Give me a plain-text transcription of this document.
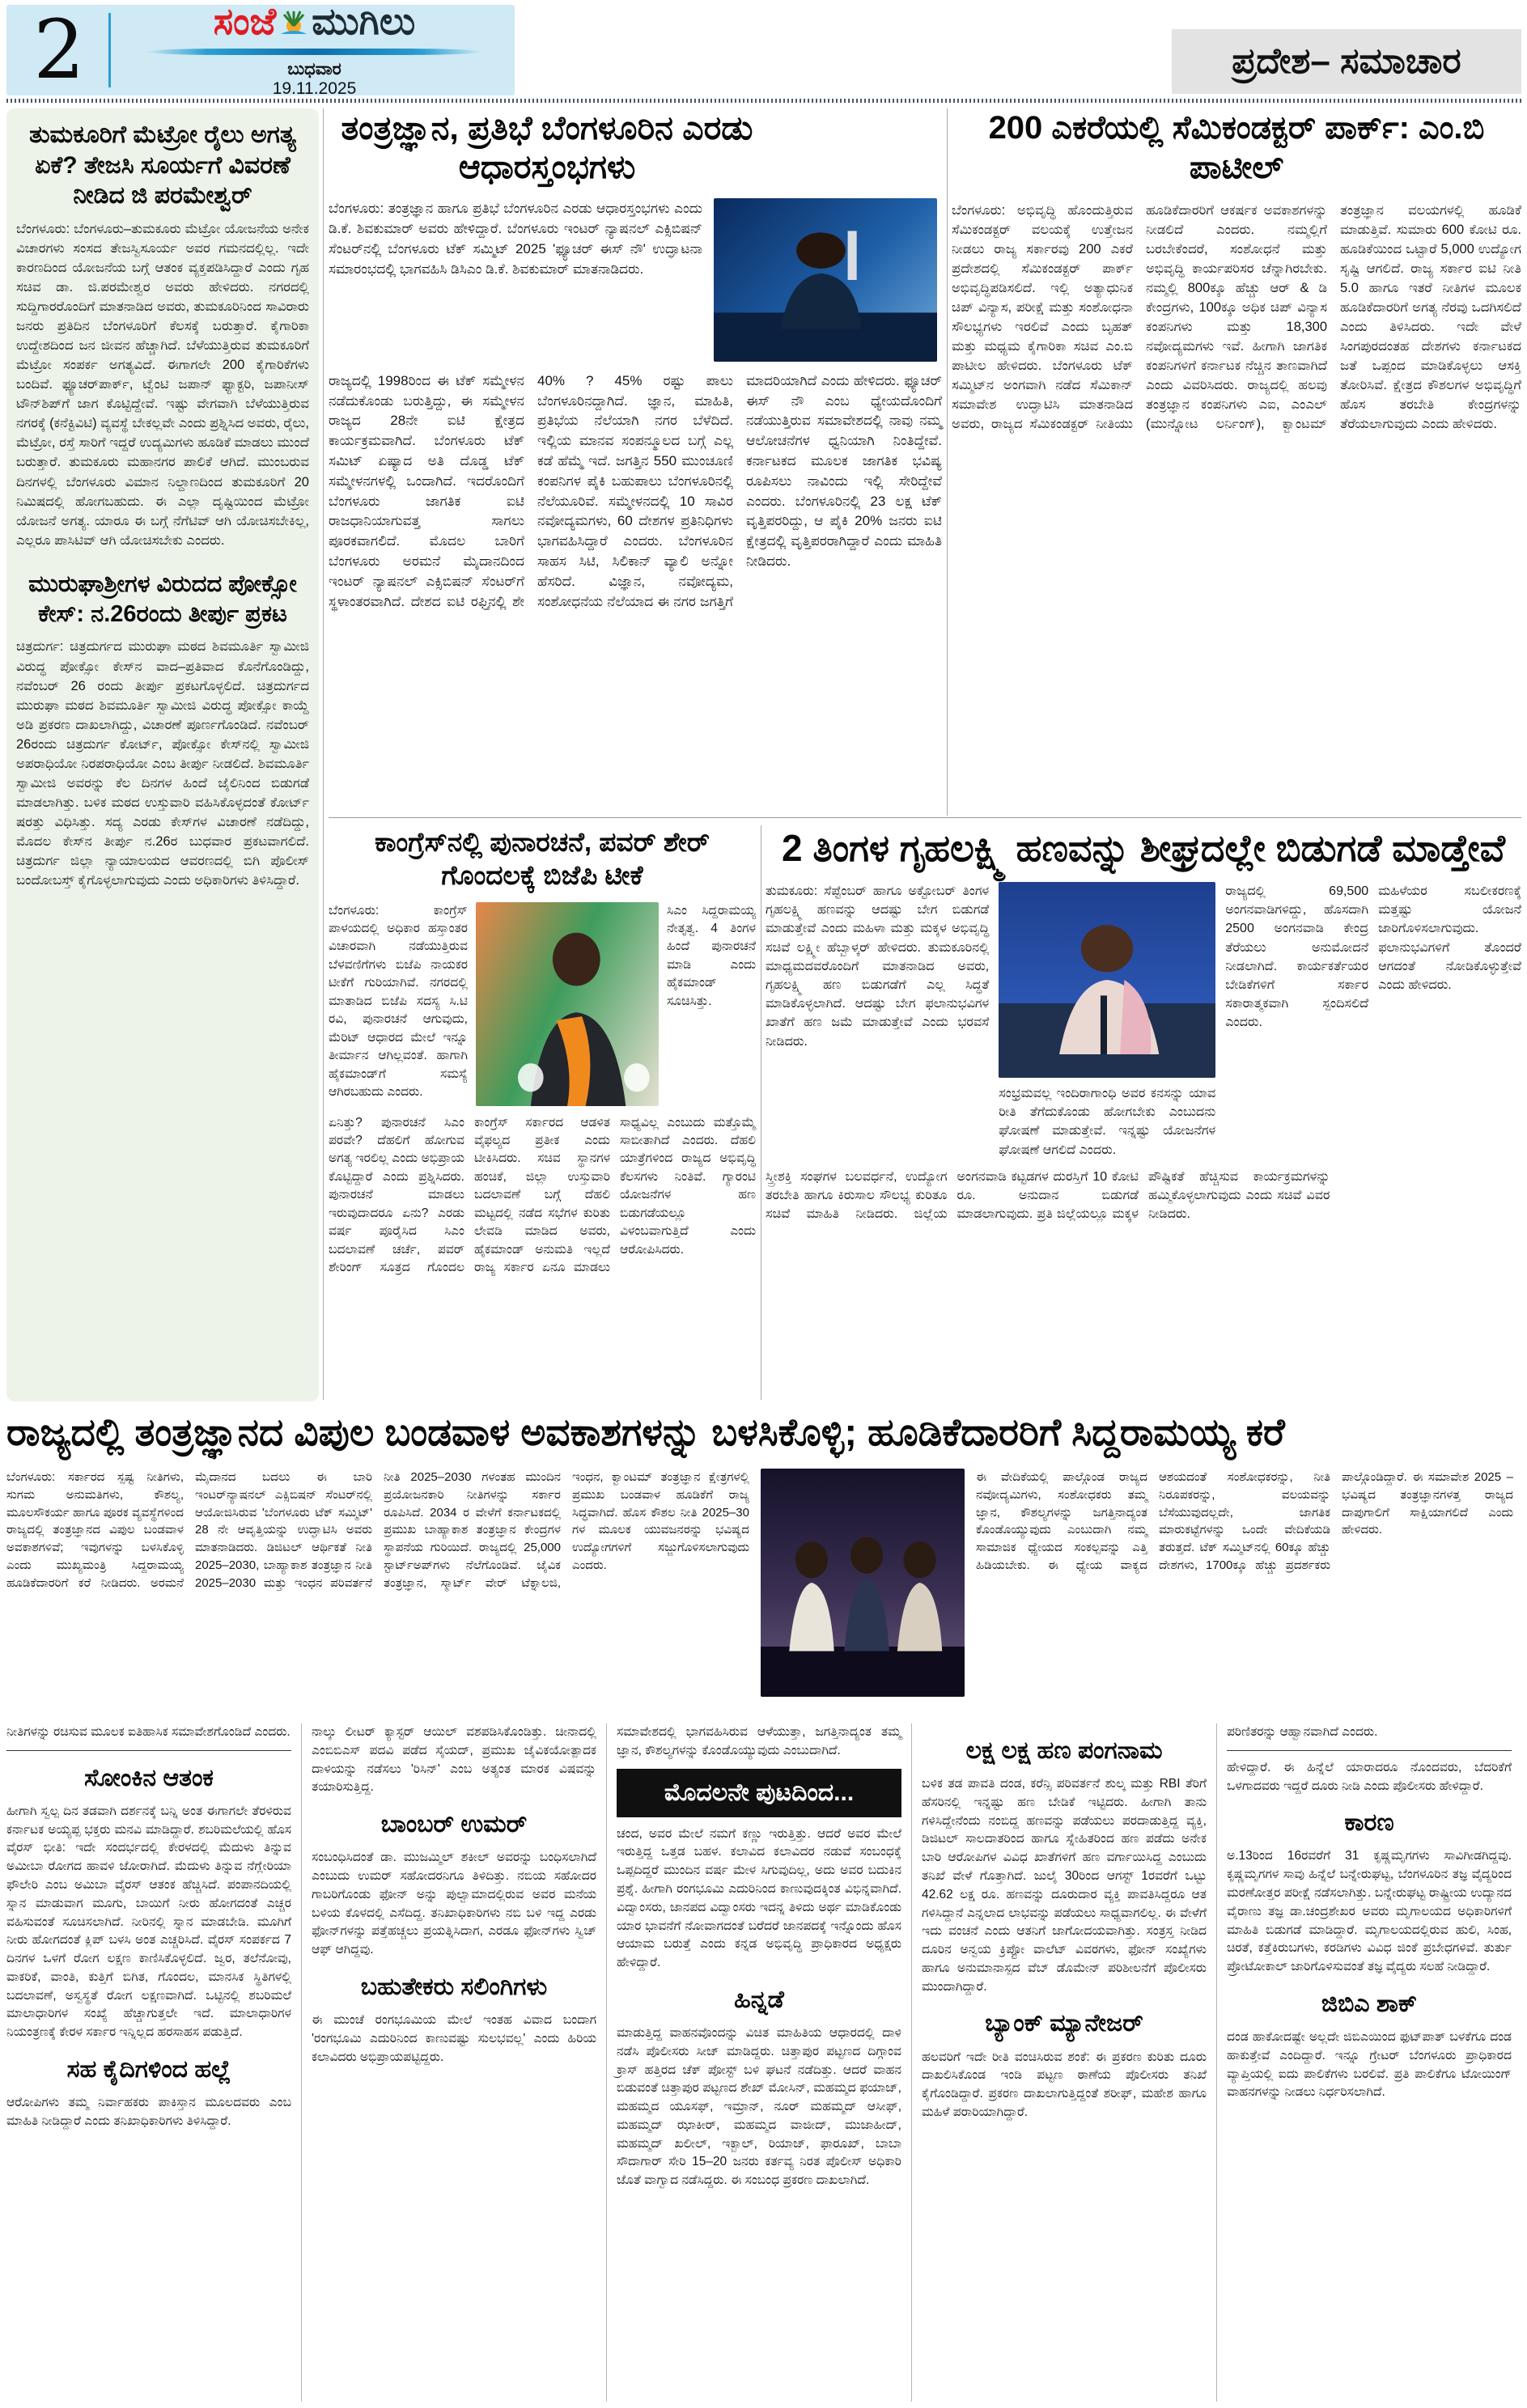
2	ಸಂಜೆ ಮುಗಿಲು
ಬುಧವಾರ
19.11.2025
ಪ್ರದೇಶ– ಸಮಾಚಾರ
ತುಮಕೂರಿಗೆ ಮೆಟ್ರೋ ರೈಲು ಅಗತ್ಯ ಏಕೆ? ತೇಜಸಿ ಸೂರ್ಯಗೆ ವಿವರಣೆ ನೀಡಿದ ಜಿ ಪರಮೇಶ್ವರ್
ಬೆಂಗಳೂರು: ಬೆಂಗಳೂರು–ತುಮಕೂರು ಮೆಟ್ರೋ ಯೋಜನೆಯ ಅನೇಕ ವಿಚಾರಗಳು ಸಂಸದ ತೇಜಸ್ವಿಸೂರ್ಯ ಅವರ ಗಮನದಲ್ಲಿಲ್ಲ. ಇದೇ ಕಾರಣದಿಂದ ಯೋಜನೆಯ ಬಗ್ಗೆ ಆತಂಕ ವ್ಯಕ್ತಪಡಿಸಿದ್ದಾರೆ ಎಂದು ಗೃಹ ಸಚಿವ ಡಾ. ಜಿ.ಪರಮೇಶ್ವರ ಅವರು ಹೇಳಿದರು. ನಗರದಲ್ಲಿ ಸುದ್ದಿಗಾರರೊಂದಿಗೆ ಮಾತನಾಡಿದ ಅವರು, ತುಮಕೂರಿನಿಂದ ಸಾವಿರಾರು ಜನರು ಪ್ರತಿದಿನ ಬೆಂಗಳೂರಿಗೆ ಕೆಲಸಕ್ಕೆ ಬರುತ್ತಾರೆ. ಕೈಗಾರಿಕಾ ಉದ್ದೇಶದಿಂದ ಜನ ಜೀವನ ಹೆಚ್ಚಾಗಿದೆ. ಬೆಳೆಯುತ್ತಿರುವ ತುಮಕೂರಿಗೆ ಮೆಟ್ರೋ ಸಂಪರ್ಕ ಅಗತ್ಯವಿದೆ. ಈಗಾಗಲೇ 200 ಕೈಗಾರಿಕೆಗಳು ಬಂದಿವೆ. ಫ್ಯೂಚರ್‌ಪಾರ್ಕ್, ಟ್ವೆಂಟಿ ಜಪಾನ್ ಫ್ಯಾಕ್ಟರಿ, ಜಪಾನೀಸ್ ಟೌನ್‌ಶಿಪ್‌ಗೆ ಜಾಗ ಕೊಟ್ಟಿದ್ದೇವೆ. ಇಷ್ಟು ವೇಗವಾಗಿ ಬೆಳೆಯುತ್ತಿರುವ ನಗರಕ್ಕೆ (ಕನೆಕ್ಟಿವಿಟಿ) ವ್ಯವಸ್ಥೆ ಬೇಕಲ್ಲವೇ ಎಂದು ಪ್ರಶ್ನಿಸಿದ ಅವರು, ರೈಲು, ಮೆಟ್ರೋ, ರಸ್ತೆ ಸಾರಿಗೆ ಇದ್ದರೆ ಉದ್ಯಮಿಗಳು ಹೂಡಿಕೆ ಮಾಡಲು ಮುಂದೆ ಬರುತ್ತಾರೆ. ತುಮಕೂರು ಮಹಾನಗರ ಪಾಲಿಕೆ ಆಗಿದೆ. ಮುಂಬರುವ ದಿನಗಳಲ್ಲಿ ಬೆಂಗಳೂರು ವಿಮಾನ ನಿಲ್ದಾಣದಿಂದ ತುಮಕೂರಿಗೆ 20 ನಿಮಿಷದಲ್ಲಿ ಹೋಗಬಹುದು. ಈ ಎಲ್ಲಾ ದೃಷ್ಟಿಯಿಂದ ಮೆಟ್ರೋ ಯೋಜನೆ ಅಗತ್ಯ. ಯಾರೂ ಈ ಬಗ್ಗೆ ನೆಗೆಟಿವ್ ಆಗಿ ಯೋಚಿಸಬೇಕಿಲ್ಲ, ಎಲ್ಲರೂ ಪಾಸಿಟಿವ್ ಆಗಿ ಯೋಚಿಸಬೇಕು ಎಂದರು.
ಮುರುಘಾಶ್ರೀಗಳ ವಿರುದದ ಪೋಕ್ಸೋ ಕೇಸ್: ನ.26ರಂದು ತೀರ್ಪು ಪ್ರಕಟ
ಚಿತ್ರದುರ್ಗ: ಚಿತ್ರದುರ್ಗದ ಮುರುಘಾ ಮಠದ ಶಿವಮೂರ್ತಿ ಸ್ವಾಮೀಜಿ ವಿರುದ್ಧ ಪೋಕ್ಸೋ ಕೇಸ್‌ನ ವಾದ–ಪ್ರತಿವಾದ ಕೊನೆಗೊಂಡಿದ್ದು, ನವೆಂಬರ್ 26 ರಂದು ತೀರ್ಪು ಪ್ರಕಟಗೊಳ್ಳಲಿದೆ. ಚಿತ್ರದುರ್ಗದ ಮುರುಘಾ ಮಠದ ಶಿವಮೂರ್ತಿ ಸ್ವಾಮೀಜಿ ವಿರುದ್ಧ ಪೋಕ್ಸೋ ಕಾಯ್ದೆ ಅಡಿ ಪ್ರಕರಣ ದಾಖಲಾಗಿದ್ದು, ವಿಚಾರಣೆ ಪೂರ್ಣಗೊಂಡಿದೆ. ನವೆಂಬರ್ 26ರಂದು ಚಿತ್ರದುರ್ಗ ಕೋರ್ಟ್, ಪೋಕ್ಸೋ ಕೇಸ್‌ನಲ್ಲಿ ಸ್ವಾಮೀಜಿ ಅಪರಾಧಿಯೋ ನಿರಪರಾಧಿಯೋ ಎಂಬ ತೀರ್ಪು ನೀಡಲಿದೆ. ಶಿವಮೂರ್ತಿ ಸ್ವಾಮೀಜಿ ಅವರನ್ನು ಕೆಲ ದಿನಗಳ ಹಿಂದೆ ಜೈಲಿನಿಂದ ಬಿಡುಗಡೆ ಮಾಡಲಾಗಿತ್ತು. ಬಳಿಕ ಮಠದ ಉಸ್ತುವಾರಿ ವಹಿಸಿಕೊಳ್ಳದಂತೆ ಕೋರ್ಟ್ ಷರತ್ತು ವಿಧಿಸಿತ್ತು. ಸದ್ಯ ಎರಡು ಕೇಸ್‌ಗಳ ವಿಚಾರಣೆ ನಡೆದಿದ್ದು, ಮೊದಲ ಕೇಸ್‌ನ ತೀರ್ಪು ನ.26ರ ಬುಧವಾರ ಪ್ರಕಟವಾಗಲಿದೆ. ಚಿತ್ರದುರ್ಗ ಜಿಲ್ಲಾ ನ್ಯಾಯಾಲಯದ ಆವರಣದಲ್ಲಿ ಬಿಗಿ ಪೊಲೀಸ್ ಬಂದೋಬಸ್ತ್ ಕೈಗೊಳ್ಳಲಾಗುವುದು ಎಂದು ಅಧಿಕಾರಿಗಳು ತಿಳಿಸಿದ್ದಾರೆ.
ತಂತ್ರಜ್ಞಾನ, ಪ್ರತಿಭೆ ಬೆಂಗಳೂರಿನ ಎರಡು ಆಧಾರಸ್ತಂಭಗಳು
ಬೆಂಗಳೂರು: ತಂತ್ರಜ್ಞಾನ ಹಾಗೂ ಪ್ರತಿಭೆ ಬೆಂಗಳೂರಿನ ಎರಡು ಆಧಾರಸ್ತಂಭಗಳು ಎಂದು ಡಿ.ಕೆ. ಶಿವಕುಮಾರ್ ಅವರು ಹೇಳಿದ್ದಾರೆ. ಬೆಂಗಳೂರು ಇಂಟರ್ ನ್ಯಾಷನಲ್ ಎಕ್ಸಿಬಿಷನ್ ಸೆಂಟರ್‌ನಲ್ಲಿ ಬೆಂಗಳೂರು ಟೆಕ್ ಸಮ್ಮಿಟ್ 2025 'ಫ್ಯೂಚರ್ ಈಸ್ ನೌ' ಉದ್ಘಾಟನಾ ಸಮಾರಂಭದಲ್ಲಿ ಭಾಗವಹಿಸಿ ಡಿಸಿಎಂ ಡಿ.ಕೆ. ಶಿವಕುಮಾರ್ ಮಾತನಾಡಿದರು.
ರಾಜ್ಯದಲ್ಲಿ 1998ರಿಂದ ಈ ಟೆಕ್ ಸಮ್ಮೇಳನ ನಡೆದುಕೊಂಡು ಬರುತ್ತಿದ್ದು, ಈ ಸಮ್ಮೇಳನ ರಾಜ್ಯದ 28ನೇ ಐಟಿ ಕ್ಷೇತ್ರದ ಕಾರ್ಯಕ್ರಮವಾಗಿದೆ. ಬೆಂಗಳೂರು ಟೆಕ್ ಸಮಿಟ್ ಏಷ್ಯಾದ ಅತಿ ದೊಡ್ಡ ಟೆಕ್ ಸಮ್ಮೇಳನಗಳಲ್ಲಿ ಒಂದಾಗಿದೆ. ಇದರೊಂದಿಗೆ ಬೆಂಗಳೂರು ಜಾಗತಿಕ ಐಟಿ ರಾಜಧಾನಿಯಾಗುವತ್ತ ಸಾಗಲು ಪೂರಕವಾಗಲಿದೆ. ಮೊದಲ ಬಾರಿಗೆ ಬೆಂಗಳೂರು ಅರಮನೆ ಮೈದಾನದಿಂದ ಇಂಟರ್ ನ್ಯಾಷನಲ್ ಎಕ್ಸಿಬಿಷನ್ ಸೆಂಟರ್‌ಗೆ ಸ್ಥಳಾಂತರವಾಗಿದೆ. ದೇಶದ ಐಟಿ ರಫ್ತಿನಲ್ಲಿ ಶೇ 40% ? 45% ರಷ್ಟು ಪಾಲು ಬೆಂಗಳೂರಿನದ್ದಾಗಿದೆ. ಜ್ಞಾನ, ಮಾಹಿತಿ, ಪ್ರತಿಭೆಯ ನೆಲೆಯಾಗಿ ನಗರ ಬೆಳೆದಿದೆ. ಇಲ್ಲಿಯ ಮಾನವ ಸಂಪನ್ಮೂಲದ ಬಗ್ಗೆ ಎಲ್ಲ ಕಡೆ ಹೆಮ್ಮೆ ಇದೆ. ಜಗತ್ತಿನ 550 ಮುಂಚೂಣಿ ಕಂಪನಿಗಳ ಪೈಕಿ ಬಹುಪಾಲು ಬೆಂಗಳೂರಿನಲ್ಲಿ ನೆಲೆಯೂರಿವೆ. ಸಮ್ಮೇಳನದಲ್ಲಿ 10 ಸಾವಿರ ನವೋದ್ಯಮಗಳು, 60 ದೇಶಗಳ ಪ್ರತಿನಿಧಿಗಳು ಭಾಗವಹಿಸಿದ್ದಾರೆ ಎಂದರು. ಬೆಂಗಳೂರಿನ ಸಾಹಸ ಸಿಟಿ, ಸಿಲಿಕಾನ್ ವ್ಯಾಲಿ ಅನ್ನೋ ಹೆಸರಿದೆ. ವಿಜ್ಞಾನ, ನವೋದ್ಯಮ, ಸಂಶೋಧನೆಯ ನೆಲೆಯಾದ ಈ ನಗರ ಜಗತ್ತಿಗೆ ಮಾದರಿಯಾಗಿದೆ ಎಂದು ಹೇಳಿದರು. ಫ್ಯೂಚರ್ ಈಸ್ ನೌ ಎಂಬ ಧ್ಯೇಯದೊಂದಿಗೆ ನಡೆಯುತ್ತಿರುವ ಸಮಾವೇಶದಲ್ಲಿ ನಾವು ನಮ್ಮ ಆಲೋಚನೆಗಳ ಧ್ವನಿಯಾಗಿ ನಿಂತಿದ್ದೇವೆ. ಕರ್ನಾಟಕದ ಮೂಲಕ ಜಾಗತಿಕ ಭವಿಷ್ಯ ರೂಪಿಸಲು ನಾವಿಂದು ಇಲ್ಲಿ ಸೇರಿದ್ದೇವೆ ಎಂದರು. ಬೆಂಗಳೂರಿನಲ್ಲಿ 23 ಲಕ್ಷ ಟೆಕ್ ವೃತ್ತಿಪರರಿದ್ದು, ಆ ಪೈಕಿ 20% ಜನರು ಐಟಿ ಕ್ಷೇತ್ರದಲ್ಲಿ ವೃತ್ತಿಪರರಾಗಿದ್ದಾರೆ ಎಂದು ಮಾಹಿತಿ ನೀಡಿದರು.
200 ಎಕರೆಯಲ್ಲಿ ಸೆಮಿಕಂಡಕ್ಟರ್ ಪಾರ್ಕ್: ಎಂ.ಬಿ ಪಾಟೀಲ್
ಬೆಂಗಳೂರು: ಅಭಿವೃದ್ಧಿ ಹೊಂದುತ್ತಿರುವ ಸೆಮಿಕಂಡಕ್ಟರ್ ವಲಯಕ್ಕೆ ಉತ್ತೇಜನ ನೀಡಲು ರಾಜ್ಯ ಸರ್ಕಾರವು 200 ಎಕರೆ ಪ್ರದೇಶದಲ್ಲಿ ಸೆಮಿಕಂಡಕ್ಟರ್ ಪಾರ್ಕ್ ಅಭಿವೃದ್ಧಿಪಡಿಸಲಿದೆ. ಇಲ್ಲಿ ಅತ್ಯಾಧುನಿಕ ಚಿಪ್ ವಿನ್ಯಾಸ, ಪರೀಕ್ಷೆ ಮತ್ತು ಸಂಶೋಧನಾ ಸೌಲಭ್ಯಗಳು ಇರಲಿವೆ ಎಂದು ಬೃಹತ್ ಮತ್ತು ಮಧ್ಯಮ ಕೈಗಾರಿಕಾ ಸಚಿವ ಎಂ.ಬಿ ಪಾಟೀಲ ಹೇಳಿದರು. ಬೆಂಗಳೂರು ಟೆಕ್ ಸಮ್ಮಿಟ್‌ನ ಅಂಗವಾಗಿ ನಡೆದ ಸೆಮಿಕಾನ್ ಸಮಾವೇಶ ಉದ್ಘಾಟಿಸಿ ಮಾತನಾಡಿದ ಅವರು, ರಾಜ್ಯದ ಸೆಮಿಕಂಡಕ್ಟರ್ ನೀತಿಯು ಹೂಡಿಕೆದಾರರಿಗೆ ಆಕರ್ಷಕ ಅವಕಾಶಗಳನ್ನು ನೀಡಲಿದೆ ಎಂದರು. ನಮ್ಮಲ್ಲಿಗೆ ಬರಬೇಕೆಂದರೆ, ಸಂಶೋಧನೆ ಮತ್ತು ಅಭಿವೃದ್ಧಿ ಕಾರ್ಯಪರಿಸರ ಚೆನ್ನಾಗಿರಬೇಕು. ನಮ್ಮಲ್ಲಿ 800ಕ್ಕೂ ಹೆಚ್ಚು ಆರ್ & ಡಿ ಕೇಂದ್ರಗಳು, 100ಕ್ಕೂ ಅಧಿಕ ಚಿಪ್ ವಿನ್ಯಾಸ ಕಂಪನಿಗಳು ಮತ್ತು 18,300 ನವೋದ್ಯಮಗಳು ಇವೆ. ಹೀಗಾಗಿ ಜಾಗತಿಕ ಕಂಪನಿಗಳಿಗೆ ಕರ್ನಾಟಕ ನೆಚ್ಚಿನ ತಾಣವಾಗಿದೆ ಎಂದು ವಿವರಿಸಿದರು. ರಾಜ್ಯದಲ್ಲಿ ಹಲವು ತಂತ್ರಜ್ಞಾನ ಕಂಪನಿಗಳು ಎಐ, ಎಂಎಲ್ (ಮುನ್ನೋಟ ಲರ್ನಿಂಗ್), ಕ್ವಾಂಟಮ್ ತಂತ್ರಜ್ಞಾನ ವಲಯಗಳಲ್ಲಿ ಹೂಡಿಕೆ ಮಾಡುತ್ತಿವೆ. ಸುಮಾರು 600 ಕೋಟಿ ರೂ. ಹೂಡಿಕೆಯಿಂದ ಒಟ್ಟಾರೆ 5,000 ಉದ್ಯೋಗ ಸೃಷ್ಟಿ ಆಗಲಿದೆ. ರಾಜ್ಯ ಸರ್ಕಾರ ಐಟಿ ನೀತಿ 5.0 ಹಾಗೂ ಇತರೆ ನೀತಿಗಳ ಮೂಲಕ ಹೂಡಿಕೆದಾರರಿಗೆ ಅಗತ್ಯ ನೆರವು ಒದಗಿಸಲಿದೆ ಎಂದು ತಿಳಿಸಿದರು. ಇದೇ ವೇಳೆ ಸಿಂಗಪುರದಂತಹ ದೇಶಗಳು ಕರ್ನಾಟಕದ ಜತೆ ಒಪ್ಪಂದ ಮಾಡಿಕೊಳ್ಳಲು ಆಸಕ್ತಿ ತೋರಿಸಿವೆ. ಕ್ಷೇತ್ರದ ಕೌಶಲಗಳ ಅಭಿವೃದ್ಧಿಗೆ ಹೊಸ ತರಬೇತಿ ಕೇಂದ್ರಗಳನ್ನು ತೆರೆಯಲಾಗುವುದು ಎಂದು ಹೇಳಿದರು.
ಕಾಂಗ್ರೆಸ್‌ನಲ್ಲಿ ಪುನಾರಚನೆ, ಪವರ್ ಶೇರ್ ಗೊಂದಲಕ್ಕೆ ಬಿಜೆಪಿ ಟೀಕೆ
ಬೆಂಗಳೂರು: ಕಾಂಗ್ರೆಸ್ ಪಾಳಯದಲ್ಲಿ ಅಧಿಕಾರ ಹಸ್ತಾಂತರ ವಿಚಾರವಾಗಿ ನಡೆಯುತ್ತಿರುವ ಬೆಳವಣಿಗೆಗಳು ಬಿಜೆಪಿ ನಾಯಕರ ಟೀಕೆಗೆ ಗುರಿಯಾಗಿವೆ. ನಗರದಲ್ಲಿ ಮಾತಾಡಿದ ಬಿಜೆಪಿ ಸದಸ್ಯ ಸಿ.ಟಿ ರವಿ, ಪುನಾರಚನೆ ಆಗುವುದು, ಮೆರಿಟ್ ಆಧಾರದ ಮೇಲೆ ಇನ್ನೂ ತೀರ್ಮಾನ ಆಗಿಲ್ಲವಂತೆ. ಹಾಗಾಗಿ ಹೈಕಮಾಂಡ್‌ಗೆ ಸಮಸ್ಯೆ ಆಗಿರಬಹುದು ಎಂದರು.
ಸಿಎಂ ಸಿದ್ದರಾಮಯ್ಯ ನೇತೃತ್ವ. 4 ತಿಂಗಳ ಹಿಂದೆ ಪುನಾರಚನೆ ಮಾಡಿ ಎಂದು ಹೈಕಮಾಂಡ್ ಸೂಚಿಸಿತ್ತು.
ಏನಿತ್ತು? ಪುನಾರಚನೆ ಸಿಎಂ ಪರವೇ? ದೆಹಲಿಗೆ ಹೋಗುವ ಅಗತ್ಯ ಇರಲಿಲ್ಲ ಎಂದು ಅಭಿಪ್ರಾಯ ಕೊಟ್ಟಿದ್ದಾರೆ ಎಂದು ಪ್ರಶ್ನಿಸಿದರು. ಪುನಾರಚನೆ ಮಾಡಲು ಇರುವುದಾದರೂ ಏನು? ಎರಡು ವರ್ಷ ಪೂರೈಸಿದ ಸಿಎಂ ಬದಲಾವಣೆ ಚರ್ಚೆ, ಪವರ್ ಶೇರಿಂಗ್ ಸೂತ್ರದ ಗೊಂದಲ ಕಾಂಗ್ರೆಸ್ ಸರ್ಕಾರದ ಆಡಳಿತ ವೈಫಲ್ಯದ ಪ್ರತೀಕ ಎಂದು ಟೀಕಿಸಿದರು. ಸಚಿವ ಸ್ಥಾನಗಳ ಹಂಚಿಕೆ, ಜಿಲ್ಲಾ ಉಸ್ತುವಾರಿ ಬದಲಾವಣೆ ಬಗ್ಗೆ ದೆಹಲಿ ಮಟ್ಟದಲ್ಲಿ ನಡೆದ ಸಭೆಗಳ ಕುರಿತು ಲೇವಡಿ ಮಾಡಿದ ಅವರು, ಹೈಕಮಾಂಡ್ ಅನುಮತಿ ಇಲ್ಲದೆ ರಾಜ್ಯ ಸರ್ಕಾರ ಏನೂ ಮಾಡಲು ಸಾಧ್ಯವಿಲ್ಲ ಎಂಬುದು ಮತ್ತೊಮ್ಮೆ ಸಾಬೀತಾಗಿದೆ ಎಂದರು. ದೆಹಲಿ ಯಾತ್ರೆಗಳಿಂದ ರಾಜ್ಯದ ಅಭಿವೃದ್ಧಿ ಕೆಲಸಗಳು ನಿಂತಿವೆ. ಗ್ಯಾರಂಟಿ ಯೋಜನೆಗಳ ಹಣ ಬಿಡುಗಡೆಯಲ್ಲೂ ವಿಳಂಬವಾಗುತ್ತಿದೆ ಎಂದು ಆರೋಪಿಸಿದರು.
2 ತಿಂಗಳ ಗೃಹಲಕ್ಷ್ಮಿ ಹಣವನ್ನು ಶೀಘ್ರದಲ್ಲೇ ಬಿಡುಗಡೆ ಮಾಡ್ತೇವೆ
ತುಮಕೂರು: ಸೆಪ್ಟೆಂಬರ್ ಹಾಗೂ ಅಕ್ಟೋಬರ್ ತಿಂಗಳ ಗೃಹಲಕ್ಷ್ಮಿ ಹಣವನ್ನು ಆದಷ್ಟು ಬೇಗ ಬಿಡುಗಡೆ ಮಾಡುತ್ತೇವೆ ಎಂದು ಮಹಿಳಾ ಮತ್ತು ಮಕ್ಕಳ ಅಭಿವೃದ್ಧಿ ಸಚಿವೆ ಲಕ್ಷ್ಮೀ ಹೆಬ್ಬಾಳ್ಕರ್ ಹೇಳಿದರು. ತುಮಕೂರಿನಲ್ಲಿ ಮಾಧ್ಯಮದವರೊಂದಿಗೆ ಮಾತನಾಡಿದ ಅವರು, ಗೃಹಲಕ್ಷ್ಮಿ ಹಣ ಬಿಡುಗಡೆಗೆ ಎಲ್ಲ ಸಿದ್ಧತೆ ಮಾಡಿಕೊಳ್ಳಲಾಗಿದೆ. ಆದಷ್ಟು ಬೇಗ ಫಲಾನುಭವಿಗಳ ಖಾತೆಗೆ ಹಣ ಜಮೆ ಮಾಡುತ್ತೇವೆ ಎಂದು ಭರವಸೆ ನೀಡಿದರು.
ಸಂಭ್ರಮವಲ್ಲ ಇಂದಿರಾಗಾಂಧಿ ಅವರ ಕನಸನ್ನು ಯಾವ ರೀತಿ ತೆಗೆದುಕೊಂಡು ಹೋಗಬೇಕು ಎಂಬುದನು ಘೋಷಣೆ ಮಾಡುತ್ತೇವೆ. ಇನ್ನಷ್ಟು ಯೋಜನೆಗಳ ಘೋಷಣೆ ಆಗಲಿದೆ ಎಂದರು.
ರಾಜ್ಯದಲ್ಲಿ 69,500 ಅಂಗನವಾಡಿಗಳಿದ್ದು, ಹೊಸದಾಗಿ 2500 ಅಂಗನವಾಡಿ ಕೇಂದ್ರ ತೆರೆಯಲು ಅನುಮೋದನೆ ನೀಡಲಾಗಿದೆ. ಕಾರ್ಯಕರ್ತೆಯರ ಬೇಡಿಕೆಗಳಿಗೆ ಸರ್ಕಾರ ಸಕಾರಾತ್ಮಕವಾಗಿ ಸ್ಪಂದಿಸಲಿದೆ ಎಂದರು.
ಮಹಿಳೆಯರ ಸಬಲೀಕರಣಕ್ಕೆ ಮತ್ತಷ್ಟು ಯೋಜನೆ ಜಾರಿಗೊಳಿಸಲಾಗುವುದು. ಫಲಾನುಭವಿಗಳಿಗೆ ತೊಂದರೆ ಆಗದಂತೆ ನೋಡಿಕೊಳ್ಳುತ್ತೇವೆ ಎಂದು ಹೇಳಿದರು.
ಸ್ತ್ರೀಶಕ್ತಿ ಸಂಘಗಳ ಬಲವರ್ಧನೆ, ಉದ್ಯೋಗ ತರಬೇತಿ ಹಾಗೂ ಕಿರುಸಾಲ ಸೌಲಭ್ಯ ಕುರಿತೂ ಸಚಿವೆ ಮಾಹಿತಿ ನೀಡಿದರು. ಜಿಲ್ಲೆಯ ಅಂಗನವಾಡಿ ಕಟ್ಟಡಗಳ ದುರಸ್ತಿಗೆ 10 ಕೋಟಿ ರೂ. ಅನುದಾನ ಬಿಡುಗಡೆ ಮಾಡಲಾಗುವುದು. ಪ್ರತಿ ಜಿಲ್ಲೆಯಲ್ಲೂ ಮಕ್ಕಳ ಪೌಷ್ಟಿಕತೆ ಹೆಚ್ಚಿಸುವ ಕಾರ್ಯಕ್ರಮಗಳನ್ನು ಹಮ್ಮಿಕೊಳ್ಳಲಾಗುವುದು ಎಂದು ಸಚಿವೆ ವಿವರ ನೀಡಿದರು.
ರಾಜ್ಯದಲ್ಲಿ ತಂತ್ರಜ್ಞಾನದ ವಿಪುಲ ಬಂಡವಾಳ ಅವಕಾಶಗಳನ್ನು ಬಳಸಿಕೊಳ್ಳಿ; ಹೂಡಿಕೆದಾರರಿಗೆ ಸಿದ್ದರಾಮಯ್ಯ ಕರೆ
ಬೆಂಗಳೂರು: ಸರ್ಕಾರದ ಸ್ಪಷ್ಟ ನೀತಿಗಳು, ಸುಗಮ ಅನುಮತಿಗಳು, ಕೌಶಲ್ಯ, ಮೂಲಸೌಕರ್ಯ ಹಾಗೂ ಪೂರಕ ವ್ಯವಸ್ಥೆಗಳಿಂದ ರಾಜ್ಯದಲ್ಲಿ ತಂತ್ರಜ್ಞಾನದ ವಿಪುಲ ಬಂಡವಾಳ ಅವಕಾಶಗಳಿವೆ; ಇವುಗಳನ್ನು ಬಳಸಿಕೊಳ್ಳಿ ಎಂದು ಮುಖ್ಯಮಂತ್ರಿ ಸಿದ್ದರಾಮಯ್ಯ ಹೂಡಿಕೆದಾರರಿಗೆ ಕರೆ ನೀಡಿದರು. ಅರಮನೆ ಮೈದಾನದ ಬದಲು ಈ ಬಾರಿ ಇಂಟರ್‌ನ್ಯಾಷನಲ್ ಎಕ್ಸಿಬಿಷನ್ ಸೆಂಟರ್‌ನಲ್ಲಿ ಆಯೋಜಿಸಿರುವ 'ಬೆಂಗಳೂರು ಟೆಕ್ ಸಮ್ಮಿಟ್' 28 ನೇ ಆವೃತ್ತಿಯನ್ನು ಉದ್ಘಾಟಿಸಿ ಅವರು ಮಾತನಾಡಿದರು. ಡಿಜಿಟಲ್ ಆರ್ಥಿಕತೆ ನೀತಿ 2025–2030, ಬಾಹ್ಯಾಕಾಶ ತಂತ್ರಜ್ಞಾನ ನೀತಿ 2025–2030 ಮತ್ತು ಇಂಧನ ಪರಿವರ್ತನೆ ನೀತಿ 2025–2030 ಗಳಂತಹ ಮುಂದಿನ ಪ್ರಯೋಜನಕಾರಿ ನೀತಿಗಳನ್ನು ಸರ್ಕಾರ ರೂಪಿಸಿದೆ. 2034 ರ ವೇಳೆಗೆ ಕರ್ನಾಟಕದಲ್ಲಿ ಪ್ರಮುಖ ಬಾಹ್ಯಾಕಾಶ ತಂತ್ರಜ್ಞಾನ ಕೇಂದ್ರಗಳ ಸ್ಥಾಪನೆಯ ಗುರಿಯಿದೆ. ರಾಜ್ಯದಲ್ಲಿ 25,000 ಸ್ಟಾರ್ಟ್‌ಅಪ್‌ಗಳು ನೆಲೆಗೊಂಡಿವೆ. ಜೈವಿಕ ತಂತ್ರಜ್ಞಾನ, ಸ್ಮಾರ್ಟ್ ವೇರ್ ಟೆಕ್ನಾಲಜಿ, ಇಂಧನ, ಕ್ವಾಂಟಮ್ ತಂತ್ರಜ್ಞಾನ ಕ್ಷೇತ್ರಗಳಲ್ಲಿ ಪ್ರಮುಖ ಬಂಡವಾಳ ಹೂಡಿಕೆಗೆ ರಾಜ್ಯ ಸಿದ್ಧವಾಗಿದೆ. ಹೊಸ ಕೌಶಲ ನೀತಿ 2025–30 ಗಳ ಮೂಲಕ ಯುವಜನರನ್ನು ಭವಿಷ್ಯದ ಉದ್ಯೋಗಗಳಿಗೆ ಸಜ್ಜುಗೊಳಿಸಲಾಗುವುದು ಎಂದರು.
ಈ ವೇದಿಕೆಯಲ್ಲಿ ಪಾಲ್ಗೊಂಡ ರಾಜ್ಯದ ನವೋದ್ಯಮಿಗಳು, ಸಂಶೋಧಕರು ತಮ್ಮ ಜ್ಞಾನ, ಕೌಶಲ್ಯಗಳನ್ನು ಜಗತ್ತಿನಾದ್ಯಂತ ಕೊಂಡೊಯ್ಯುವುದು ಎಂಬುದಾಗಿ ನಮ್ಮ ಸಾಮಾಜಿಕ ಧ್ಯೇಯದ ಸಂಕಲ್ಪವನ್ನು ಎತ್ತಿ ಹಿಡಿಯಬೇಕು. ಈ ಧ್ಯೇಯ ವಾಕ್ಯದ ಆಶಯದಂತೆ ಸಂಶೋಧಕರನ್ನು, ನೀತಿ ನಿರೂಪಕರನ್ನು, ವಲಯವನ್ನು ಬೆಸೆಯುವುದಲ್ಲದೇ, ಜಾಗತಿಕ ಮಾರುಕಟ್ಟೆಗಳನ್ನು ಒಂದೇ ವೇದಿಕೆಯಡಿ ತರುತ್ತದೆ. ಟೆಕ್ ಸಮ್ಮಿಟ್‌ನಲ್ಲಿ 60ಕ್ಕೂ ಹೆಚ್ಚು ದೇಶಗಳು, 1700ಕ್ಕೂ ಹೆಚ್ಚು ಪ್ರದರ್ಶಕರು ಪಾಲ್ಗೊಂಡಿದ್ದಾರೆ. ಈ ಸಮಾವೇಶ 2025 – ಭವಿಷ್ಯದ ತಂತ್ರಜ್ಞಾನಗಳತ್ತ ರಾಜ್ಯದ ದಾಪುಗಾಲಿಗೆ ಸಾಕ್ಷಿಯಾಗಲಿದೆ ಎಂದು ಹೇಳಿದರು.
ನೀತಿಗಳನ್ನು ರಚಿಸುವ ಮೂಲಕ ಐತಿಹಾಸಿಕ ಸಮಾವೇಶಗೊಂಡಿದೆ ಎಂದರು.
ಸೋಂಕಿನ ಆತಂಕ
ಹೀಗಾಗಿ ಸ್ವಲ್ಪ ದಿನ ತಡವಾಗಿ ದರ್ಶನಕ್ಕೆ ಬನ್ನಿ ಅಂತ ಈಗಾಗಲೇ ತೆರಳಿರುವ ಕರ್ನಾಟಕ ಅಯ್ಯಪ್ಪ ಭಕ್ತರು ಮನವಿ ಮಾಡಿದ್ದಾರೆ. ಶಬರಿಮಲೆಯಲ್ಲಿ ಹೊಸ ವೈರಸ್ ಭೀತಿ: ಇದೇ ಸಂದರ್ಭದಲ್ಲಿ ಕೇರಳದಲ್ಲಿ ಮೆದುಳು ತಿನ್ನುವ ಅಮೀಬಾ ರೋಗದ ಹಾವಳಿ ಜೋರಾಗಿದೆ. ಮೆದುಳು ತಿನ್ನುವ ನೆಗ್ಲೇರಿಯಾ ಫೌಲೇರಿ ಎಂಬ ಅಮಿಬಾ ವೈರಸ್ ಆತಂಕ ಹೆಚ್ಚಿಸಿದೆ. ಪಂಪಾನದಿಯಲ್ಲಿ ಸ್ನಾನ ಮಾಡುವಾಗ ಮೂಗು, ಬಾಯಿಗೆ ನೀರು ಹೋಗದಂತೆ ಎಚ್ಚರ ವಹಿಸುವಂತೆ ಸೂಚಿಸಲಾಗಿದೆ. ನೀರಿನಲ್ಲಿ ಸ್ನಾನ ಮಾಡಬೇಡಿ. ಮೂಗಿಗೆ ನೀರು ಹೋಗದಂತೆ ಕ್ಲಿಪ್ ಬಳಸಿ ಅಂತ ಎಚ್ಚರಿಸಿದೆ. ವೈರಸ್ ಸಂಪರ್ಕದ 7 ದಿನಗಳ ಒಳಗೆ ರೋಗ ಲಕ್ಷಣ ಕಾಣಿಸಿಕೊಳ್ಳಲಿದೆ. ಜ್ವರ, ತಲೆನೋವು, ವಾಕರಿಕೆ, ವಾಂತಿ, ಕುತ್ತಿಗೆ ಬಿಗಿತ, ಗೊಂದಲ, ಮಾನಸಿಕ ಸ್ಥಿತಿಗಳಲ್ಲಿ ಬದಲಾವಣೆ, ಅಸ್ವಸ್ಥತೆ ರೋಗ ಲಕ್ಷಣವಾಗಿದೆ. ಒಟ್ಟಿನಲ್ಲಿ ಶಬರಿಮಲೆ ಮಾಲಾಧಾರಿಗಳ ಸಂಖ್ಯೆ ಹೆಚ್ಚಾಗುತ್ತಲೇ ಇದೆ. ಮಾಲಾಧಾರಿಗಳ ನಿಯಂತ್ರಣಕ್ಕೆ ಕೇರಳ ಸರ್ಕಾರ ಇನ್ನಿಲ್ಲದ ಹರಸಾಹಸ ಪಡುತ್ತಿದೆ.
ಸಹ ಕೈದಿಗಳಿಂದ ಹಲ್ಲೆ
ಆರೋಪಿಗಳು ತಮ್ಮ ನಿರ್ವಾಹಕರು ಪಾಕಿಸ್ತಾನ ಮೂಲದವರು ಎಂಬ ಮಾಹಿತಿ ನೀಡಿದ್ದಾರೆ ಎಂದು ತನಿಖಾಧಿಕಾರಿಗಳು ತಿಳಿಸಿದ್ದಾರೆ.
ನಾಲ್ಕು ಲೀಟರ್ ಕ್ಯಾಸ್ಟರ್ ಆಯಿಲ್ ವಶಪಡಿಸಿಕೊಂಡಿತ್ತು. ಚೀನಾದಲ್ಲಿ ಎಂಬಿಬಿಎಸ್ ಪದವಿ ಪಡೆದ ಸೈಯದ್, ಪ್ರಮುಖ ಜೈವಿಕಯೋತ್ಪಾದಕ ದಾಳಿಯನ್ನು ನಡೆಸಲು 'ರಿಸಿನ್' ಎಂಬ ಅತ್ಯಂತ ಮಾರಕ ವಿಷವನ್ನು ತಯಾರಿಸುತ್ತಿದ್ದ.
ಬಾಂಬರ್ ಉಮರ್
ಸಂಬಂಧಿಸಿದಂತೆ ಡಾ. ಮುಜಮ್ಮಿಲ್ ಶಕೀಲ್ ಅವರನ್ನು ಬಂಧಿಸಲಾಗಿದೆ ಎಂಬುದು ಉಮರ್ ಸಹೋದರನಿಗೂ ತಿಳಿದಿತ್ತು. ನಬಿಯ ಸಹೋದರ ಗಾಬರಿಗೊಂಡು ಫೋನ್ ಅನ್ನು ಪುಲ್ವಾಮಾದಲ್ಲಿರುವ ಅವರ ಮನೆಯ ಬಳಿಯ ಕೊಳದಲ್ಲಿ ಎಸೆದಿದ್ದ. ತನಿಖಾಧಿಕಾರಿಗಳು ನಬಿ ಬಳಿ ಇದ್ದ ಎರಡು ಫೋನ್‌ಗಳನ್ನು ಪತ್ತೆಹಚ್ಚಲು ಪ್ರಯತ್ನಿಸಿದಾಗ, ಎರಡೂ ಫೋನ್‌ಗಳು ಸ್ವಿಚ್ ಆಫ್ ಆಗಿದ್ದವು.
ಬಹುತೇಕರು ಸಲಿಂಗಿಗಳು
ಈ ಮುಂಚೆ ರಂಗಭೂಮಿಯ ಮೇಲೆ ಇಂತಹ ವಿವಾದ ಬಂದಾಗ 'ರಂಗಭೂಮಿ ಎದುರಿನಿಂದ ಕಾಣುವಷ್ಟು ಸುಲಭವಲ್ಲ' ಎಂದು ಹಿರಿಯ ಕಲಾವಿದರು ಅಭಿಪ್ರಾಯಪಟ್ಟಿದ್ದರು.
ಸಮಾವೇಶದಲ್ಲಿ ಭಾಗವಹಿಸಿರುವ ಆಳೆಯುತ್ತಾ, ಜಗತ್ತಿನಾದ್ಯಂತ ತಮ್ಮ ಜ್ಞಾನ, ಕೌಶಲ್ಯಗಳನ್ನು ಕೊಂಡೊಯ್ಯುವುದು ಎಂಬುದಾಗಿದೆ.
ಮೊದಲನೇ ಪುಟದಿಂದ...
ಚಂದ, ಅವರ ಮೇಲೆ ನಮಗೆ ಕಣ್ಣು ಇರುತ್ತಿತ್ತು. ಆದರೆ ಅವರ ಮೇಲೆ ಇರುತ್ತಿದ್ದ ಒತ್ತಡ ಬಹಳ. ಕಲಾವಿದ ಕಲಾವಿದರ ನಡುವೆ ಸಂಬಂಧಕ್ಕೆ ಒಪ್ಪದಿದ್ದರೆ ಮುಂದಿನ ವರ್ಷ ಮೇಳ ಸಿಗುವುದಿಲ್ಲ, ಅದು ಅವರ ಬದುಕಿನ ಪ್ರಶ್ನೆ. ಹೀಗಾಗಿ ರಂಗಭೂಮಿ ಎದುರಿನಿಂದ ಕಾಣುವುದಕ್ಕಿಂತ ವಿಭಿನ್ನವಾಗಿದೆ. ವಿದ್ವಾಂಸರು, ಜಾನಪದ ವಿದ್ವಾಂಸರು ಇದನ್ನ ತಿಳಿದು ಅರ್ಥ ಮಾಡಿಕೊಂಡು ಯಾರ ಭಾವನೆಗೆ ನೋವಾಗದಂತೆ ಬರೆದರೆ ಜಾನಪದಕ್ಕೆ ಇನ್ನೊಂದು ಹೊಸ ಆಯಾಮ ಬರುತ್ತೆ ಎಂದು ಕನ್ನಡ ಅಭಿವೃದ್ಧಿ ಪ್ರಾಧಿಕಾರದ ಅಧ್ಯಕ್ಷರು ಹೇಳಿದ್ದಾರೆ.
ಹಿನ್ನಡೆ
ಮಾಡುತ್ತಿದ್ದ ವಾಹನವೊಂದನ್ನು ವಿಚಿತ ಮಾಹಿತಿಯ ಆಧಾರದಲ್ಲಿ ದಾಳಿ ನಡೆಸಿ ಪೊಲೀಸರು ಸೀಜ್ ಮಾಡಿದ್ದರು. ಚಿತ್ತಾಪುರ ಪಟ್ಟಣದ ದಿಗ್ಗಾಂವ ಕ್ರಾಸ್ ಹತ್ತಿರದ ಚೆಕ್ ಪೋಸ್ಟ್ ಬಳಿ ಘಟನೆ ನಡೆದಿತ್ತು. ಆದರೆ ವಾಹನ ಬಿಡುವಂತೆ ಚಿತ್ತಾಪುರ ಪಟ್ಟಣದ ಶೇಖ್ ಮೋಸಿನ್, ಮಹಮ್ಮದ ಫಯಾಜ್, ಮಹಮ್ಮದ ಯೂಸಫ್, ಇಮ್ರಾನ್, ನೂರ್ ಮಹಮ್ಮದ್ ಆಸೀಫ್, ಮಹಮ್ಮದ್ ಝಾಕೀರ್, ಮಹಮ್ಮದ ವಾಜೀದ್, ಮುಜಾಹೀದ್, ಮಹಮ್ಮದ್ ಖಲೀಲ್, ಇಕ್ಬಾಲ್, ರಿಯಾಜ್, ಫಾರೂಖ್, ಬಾಬಾ ಸೌದಾಗಾರ್ ಸೇರಿ 15–20 ಜನರು ಕರ್ತವ್ಯ ನಿರತ ಪೊಲೀಸ್ ಅಧಿಕಾರಿ ಜೊತೆ ವಾಗ್ವಾದ ನಡೆಸಿದ್ದರು. ಈ ಸಂಬಂಧ ಪ್ರಕರಣ ದಾಖಲಾಗಿದೆ.
ಲಕ್ಷ ಲಕ್ಷ ಹಣ ಪಂಗನಾಮ
ಬಳಿಕ ತಡ ಪಾವತಿ ದಂಡ, ಕರೆನ್ಸಿ ಪರಿವರ್ತನೆ ಶುಲ್ಕ ಮತ್ತು RBI ತೆರಿಗೆ ಹೆಸರಿನಲ್ಲಿ ಇನ್ನಷ್ಟು ಹಣ ಬೇಡಿಕೆ ಇಟ್ಟಿದರು. ಹೀಗಾಗಿ ತಾನು ಗಳಿಸಿದ್ದೇನೆಂದು ನಂಬಿದ್ದ ಹಣವನ್ನು ಪಡೆಯಲು ಪರದಾಡುತ್ತಿದ್ದ ವ್ಯಕ್ತಿ, ಡಿಜಿಟಲ್ ಸಾಲದಾತರಿಂದ ಹಾಗೂ ಸ್ನೇಹಿತರಿಂದ ಹಣ ಪಡೆದು ಅನೇಕ ಬಾರಿ ಆರೋಪಿಗಳ ವಿವಿಧ ಖಾತೆಗಳಿಗೆ ಹಣ ವರ್ಗಾಯಿಸಿದ್ದ ಎಂಬುದು ತನಿಖೆ ವೇಳೆ ಗೊತ್ತಾಗಿದೆ. ಜುಲೈ 30ರಿಂದ ಆಗಸ್ಟ್ 1ರವರೆಗೆ ಒಟ್ಟು 42.62 ಲಕ್ಷ ರೂ. ಹಣವನ್ನು ದೂರುದಾರ ವ್ಯಕ್ತಿ ಪಾವತಿಸಿದ್ದರೂ ಆತ ಗಳಿಸಿದ್ದಾನೆ ಎನ್ನಲಾದ ಲಾಭವನ್ನು ಪಡೆಯಲು ಸಾಧ್ಯವಾಗಲಿಲ್ಲ. ಈ ವೇಳೆಗೆ ಇದು ವಂಚನೆ ಎಂದು ಆತನಿಗೆ ಜಾಗೋದಯವಾಗಿತ್ತು. ಸಂತ್ರಸ್ತ ನೀಡಿದ ದೂರಿನ ಅನ್ವಯ ಕ್ರಿಪ್ಟೋ ವಾಲೆಟ್ ವಿವರಗಳು, ಫೋನ್ ಸಂಖ್ಯೆಗಳು ಹಾಗೂ ಅನುಮಾನಾಸ್ಪದ ವೆಬ್ ಡೊಮೇನ್ ಪರಿಶೀಲನೆಗೆ ಪೊಲೀಸರು ಮುಂದಾಗಿದ್ದಾರೆ.
ಬ್ಯಾಂಕ್ ಮ್ಯಾನೇಜರ್
ಹಲವರಿಗೆ ಇದೇ ರೀತಿ ವಂಚಿಸಿರುವ ಶಂಕೆ: ಈ ಪ್ರಕರಣ ಕುರಿತು ದೂರು ದಾಖಲಿಸಿಕೊಂಡ ಇಂಡಿ ಪಟ್ಟಣ ಠಾಣೆಯ ಪೊಲೀಸರು ತನಿಖೆ ಕೈಗೊಂಡಿದ್ದಾರೆ. ಪ್ರಕರಣ ದಾಖಲಾಗುತ್ತಿದ್ದಂತೆ ಶರೀಫ್, ಮಹೇಶ ಹಾಗೂ ಮಹಿಳೆ ಪರಾರಿಯಾಗಿದ್ದಾರೆ.
ಪರಿಣಿತರನ್ನು ಆಹ್ವಾನವಾಗಿದೆ ಎಂದರು.
ಹೇಳಿದ್ದಾರೆ. ಈ ಹಿನ್ನೆಲೆ ಯಾರಾದರೂ ನೊಂದವರು, ಬೆದರಿಕೆಗೆ ಒಳಗಾದವರು ಇದ್ದರೆ ದೂರು ನೀಡಿ ಎಂದು ಪೊಲೀಸರು ಹೇಳಿದ್ದಾರೆ.
ಕಾರಣ
ಅ.13ರಿಂದ 16ರವರೆಗೆ 31 ಕೃಷ್ಣಮೃಗಗಳು ಸಾವಿಗೀಡಗಿದ್ದವು. ಕೃಷ್ಣಮೃಗಗಳ ಸಾವು ಹಿನ್ನೆಲೆ ಬನ್ನೇರುಘಟ್ಟ, ಬೆಂಗಳೂರಿನ ತಜ್ಞ ವೈದ್ಯರಿಂದ ಮರಣೋತ್ತರ ಪರೀಕ್ಷೆ ನಡೆಸಲಾಗಿತ್ತು. ಬನ್ನೇರುಘಟ್ಟ ರಾಷ್ಟ್ರೀಯ ಉದ್ಯಾನದ ವೈರಾಣು ತಜ್ಞ ಡಾ.ಚಂದ್ರಶೇಖರ ಅವರು ಮೃಗಾಲಯದ ಅಧಿಕಾರಿಗಳಿಗೆ ಮಾಹಿತಿ ಬಿಡುಗಡೆ ಮಾಡಿದ್ದಾರೆ. ಮೃಗಾಲಯದಲ್ಲಿರುವ ಹುಲಿ, ಸಿಂಹ, ಚಿರತೆ, ಕತ್ತೆಕಿರುಬಗಳು, ಕರಡಿಗಳು ವಿವಿಧ ಜಿಂಕೆ ಪ್ರಬೇಧಗಳಿವೆ. ತುರ್ತು ಪ್ರೋಟೋಕಾಲ್ ಜಾರಿಗೊಳಿಸುವಂತೆ ತಜ್ಞ ವೈದ್ಯರು ಸಲಹೆ ನೀಡಿದ್ದಾರೆ.
ಜಿಬಿಎ ಶಾಕ್
ದಂಡ ಹಾಕೋದಷ್ಟೇ ಅಲ್ಲದೇ ಜಿಬಿಎಯಿಂದ ಫುಟ್‌ಪಾತ್ ಬಳಕೆಗೂ ದಂಡ ಹಾಕುತ್ತೇವೆ ಎಂದಿದ್ದಾರೆ. ಇನ್ನೂ ಗ್ರೇಟರ್ ಬೆಂಗಳೂರು ಪ್ರಾಧಿಕಾರದ ವ್ಯಾಪ್ತಿಯಲ್ಲಿ ಐದು ಪಾಲಿಕೆಗಳು ಬರಲಿವೆ. ಪ್ರತಿ ಪಾಲಿಕೆಗೂ ಟೋಯಿಂಗ್ ವಾಹನಗಳನ್ನು ನೀಡಲು ನಿರ್ಧರಿಸಲಾಗಿದೆ.
